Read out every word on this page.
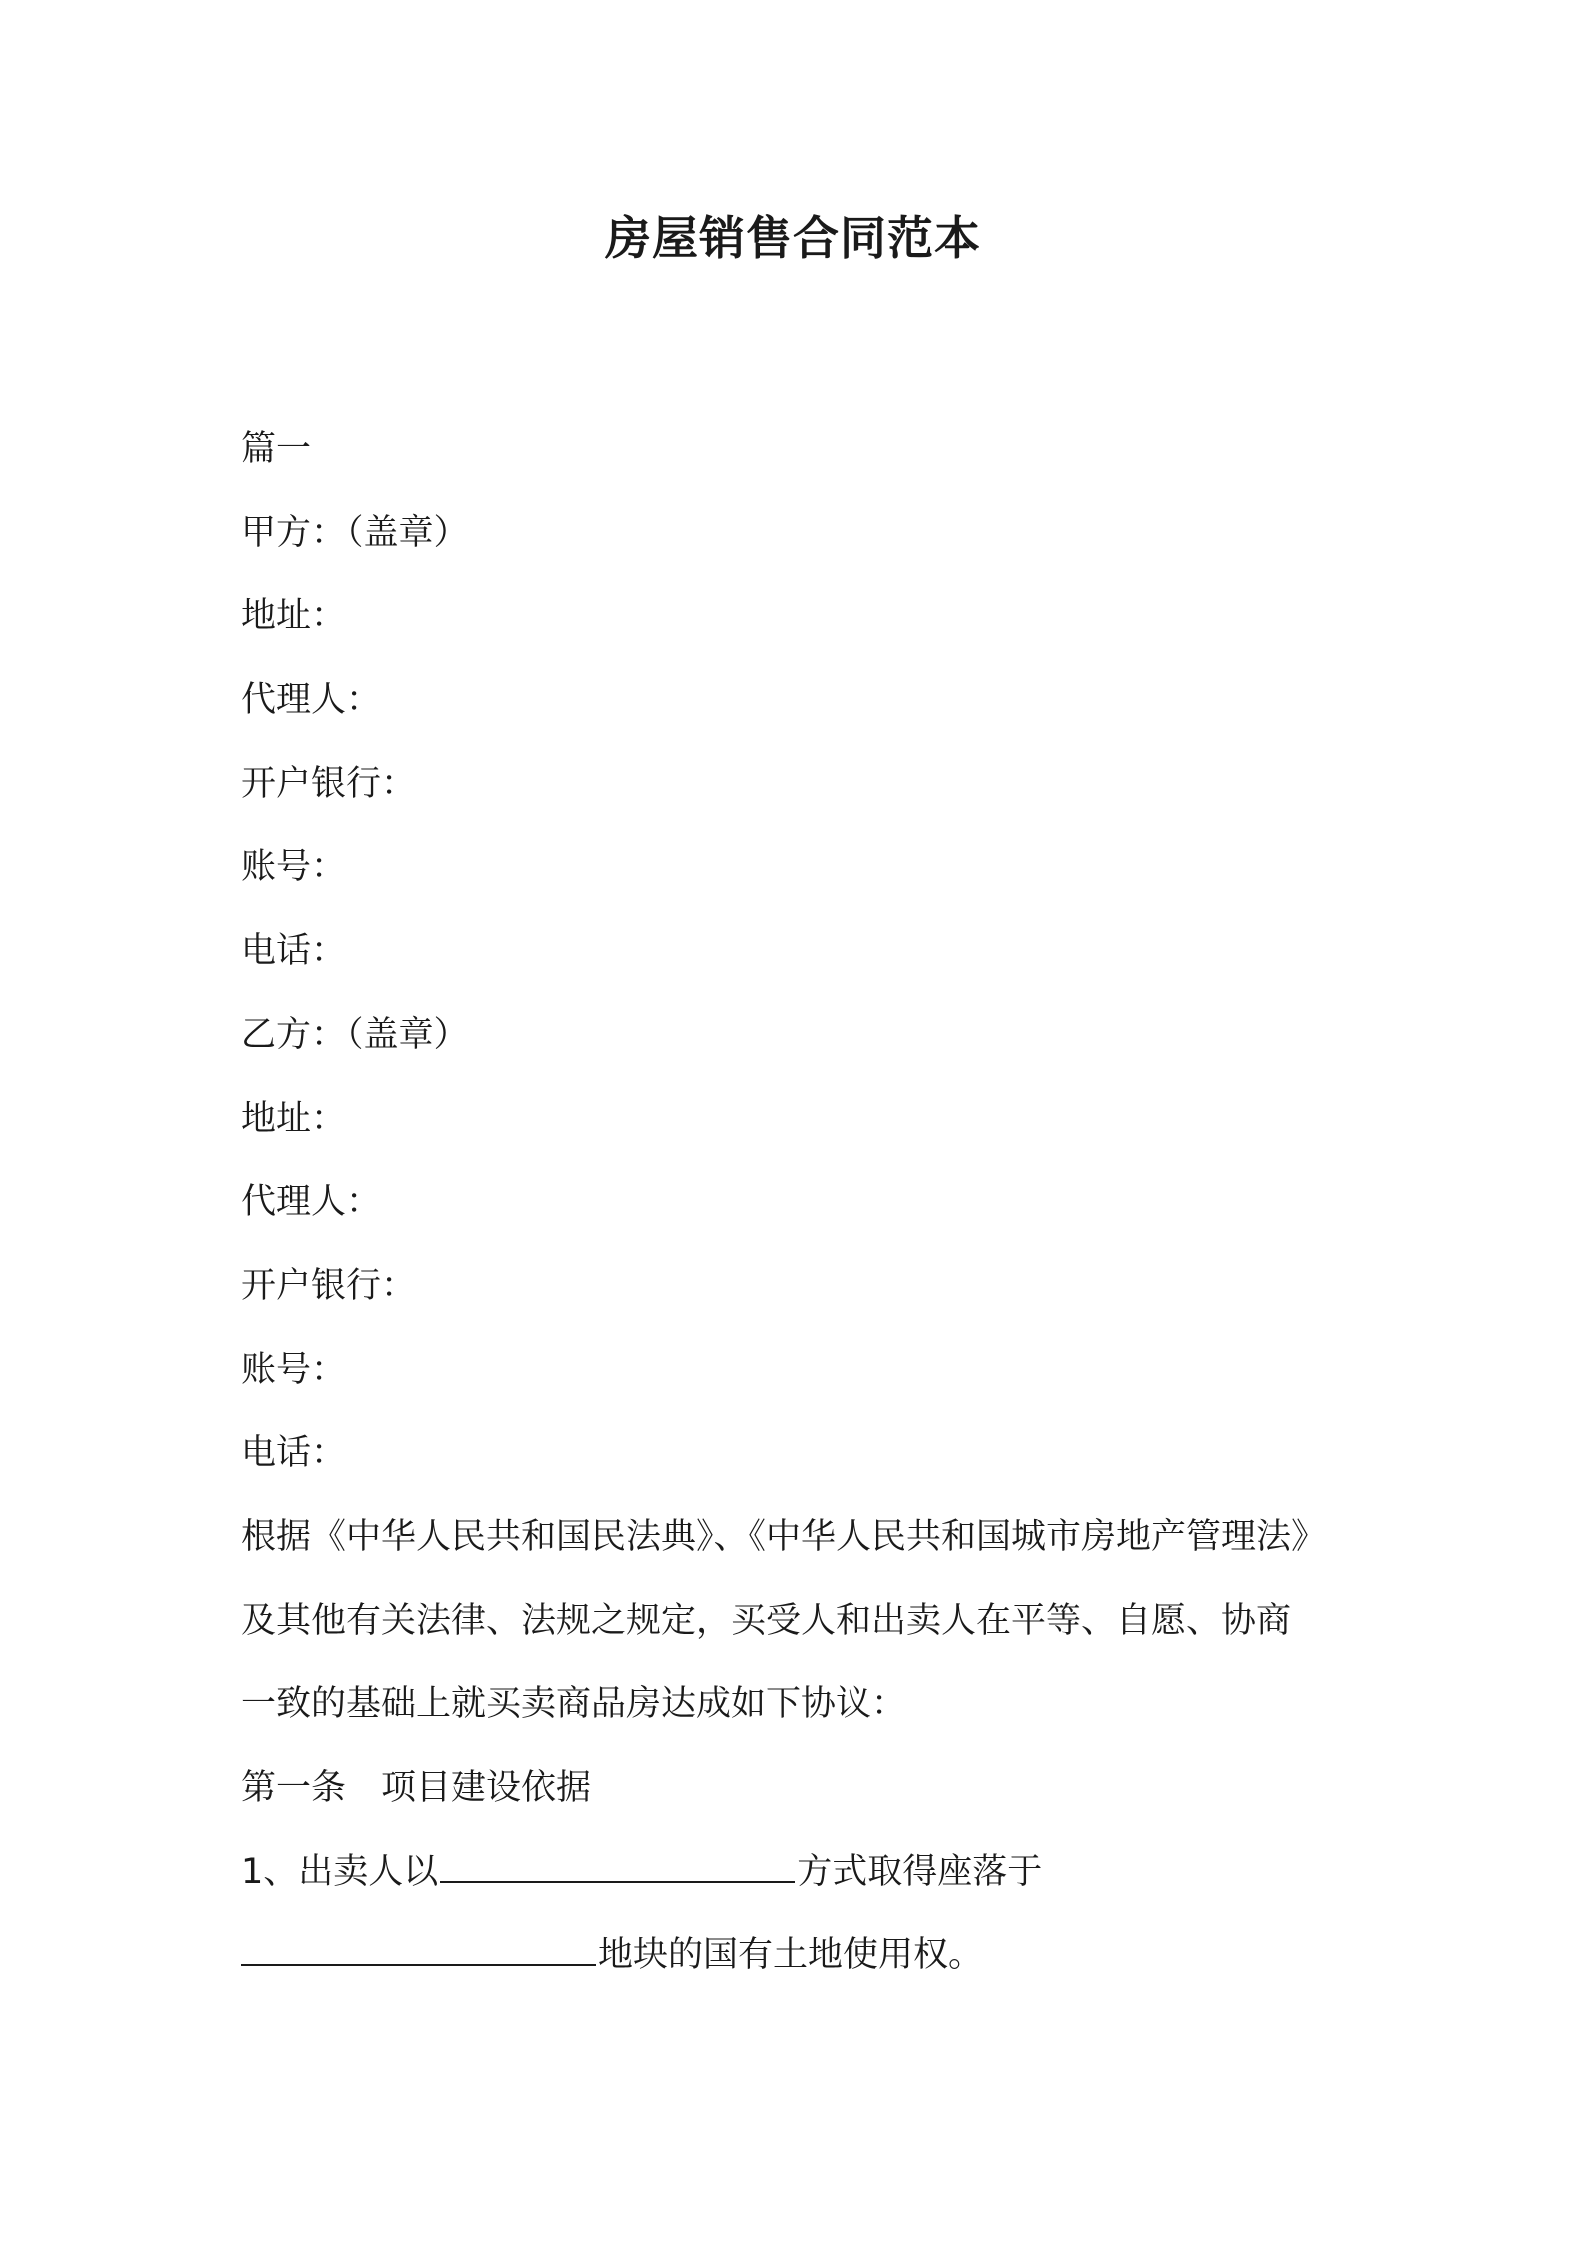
房屋销售合同范本
篇一
甲方：（盖章）
地址：
代理人：
开户银行：
账号：
电话：
乙方：（盖章）
地址：
代理人：
开户银行：
账号：
电话：
根据《中华人民共和国民法典》、《中华人民共和国城市房地产管理法》
及其他有关法律、法规之规定，买受人和出卖人在平等、自愿、协商
一致的基础上就买卖商品房达成如下协议：
第一条　项目建设依据
1、出卖人以	方式取得座落于
地块的国有土地使用权。
